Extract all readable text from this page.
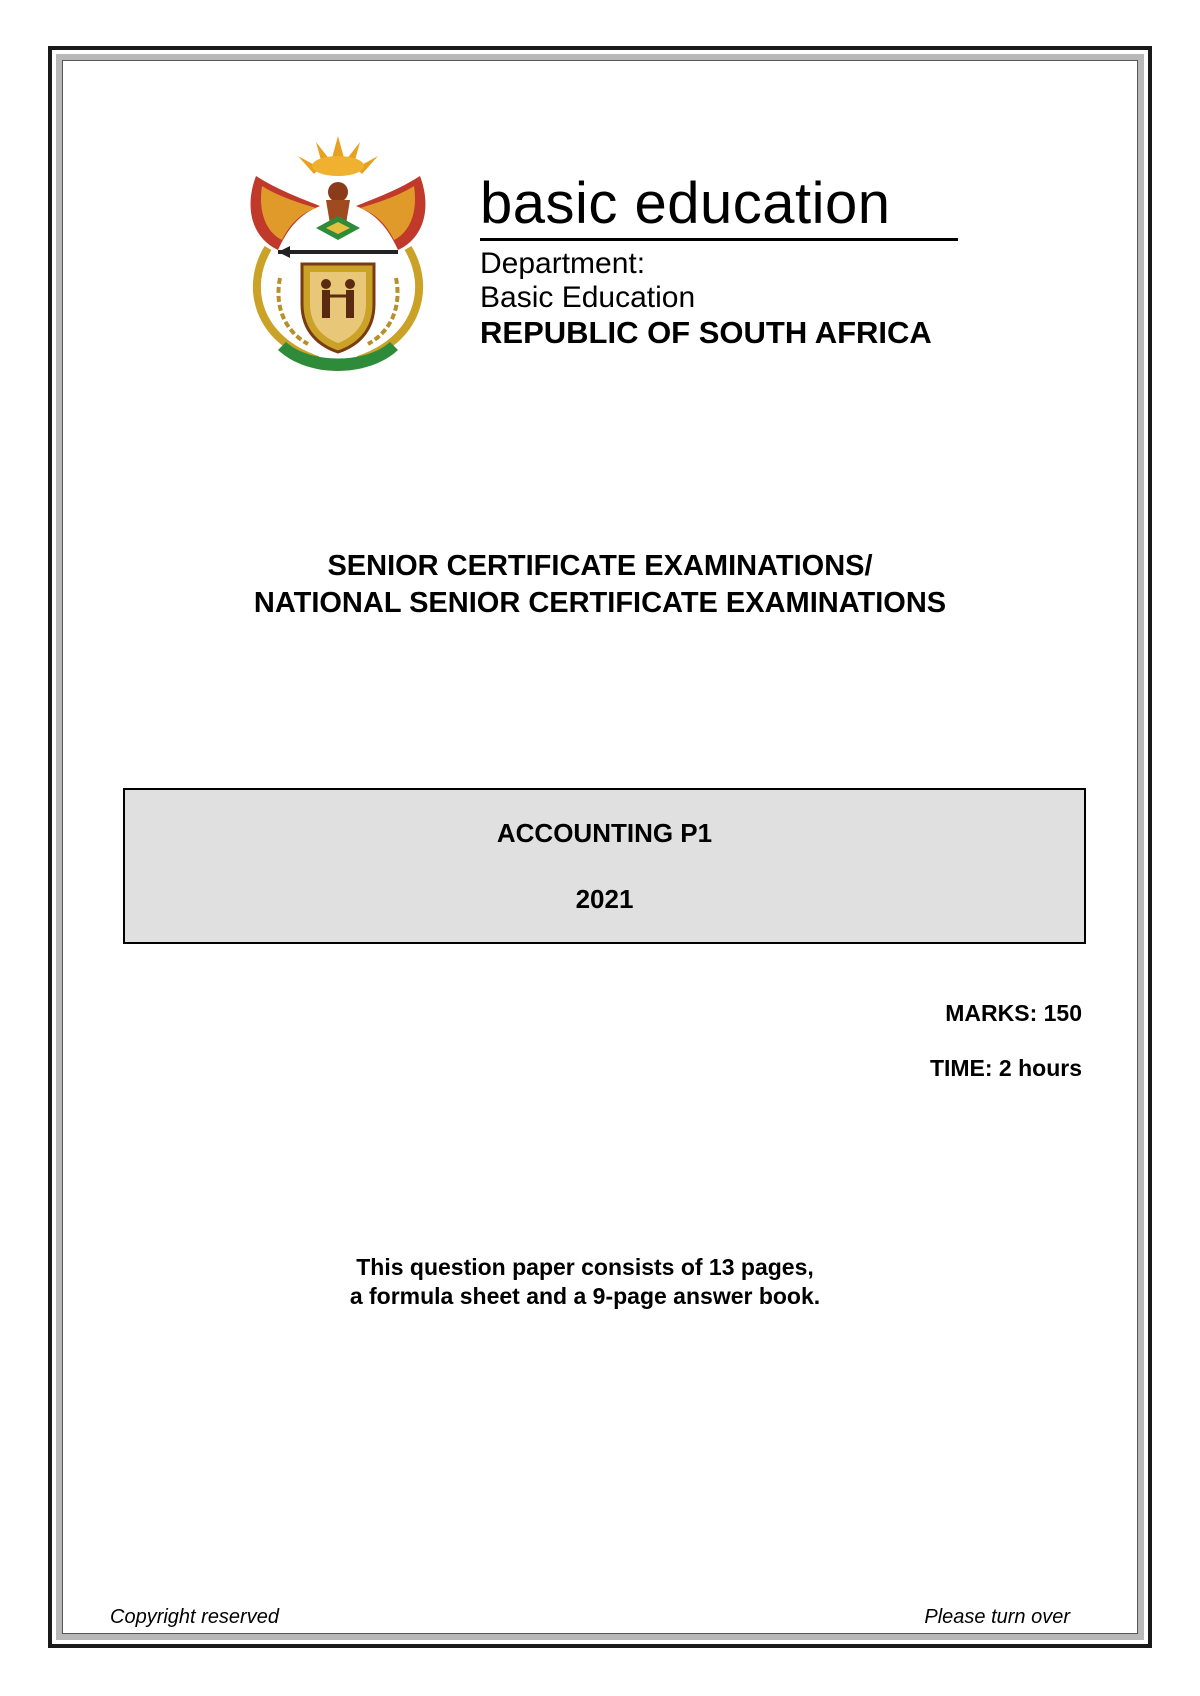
basic education
Department:
Basic Education
REPUBLIC OF SOUTH AFRICA
SENIOR CERTIFICATE EXAMINATIONS/
NATIONAL SENIOR CERTIFICATE EXAMINATIONS
ACCOUNTING P1
2021
MARKS: 150
TIME: 2 hours
This question paper consists of 13 pages,
a formula sheet and a 9-page answer book.
Copyright reserved	Please turn over
